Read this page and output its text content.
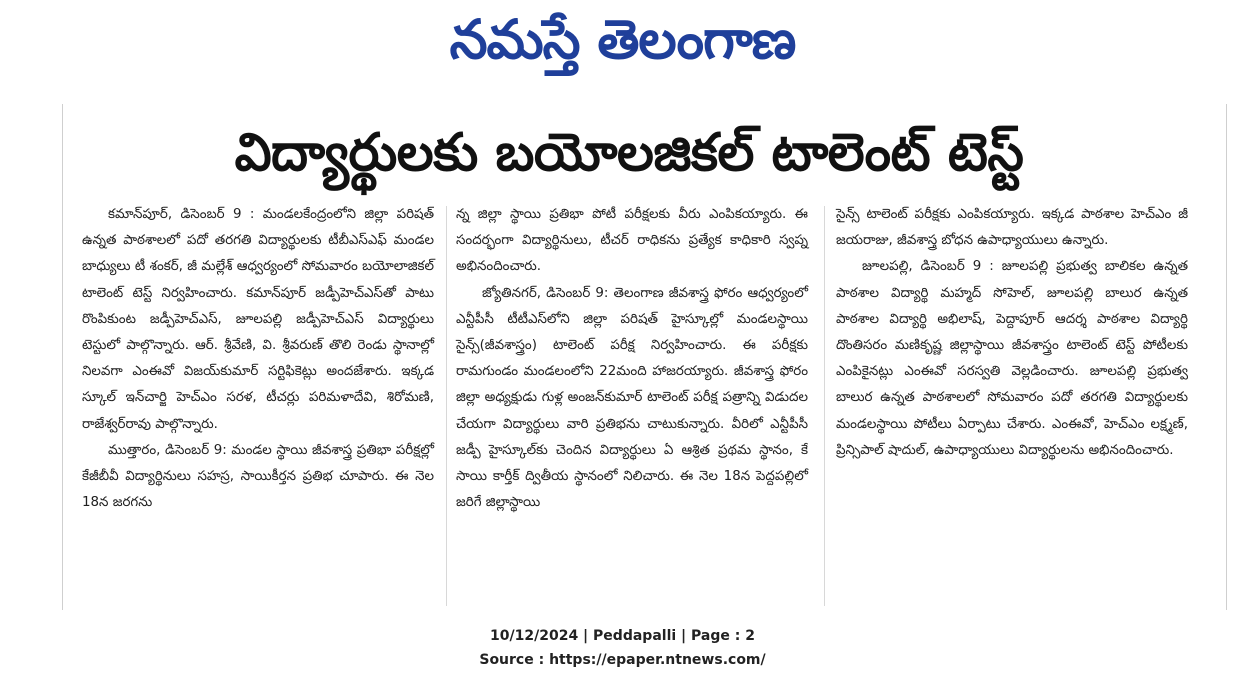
నమస్తే తెలంగాణ
విద్యార్థులకు బయోలజికల్ టాలెంట్ టెస్ట్

కమాన్‌పూర్, డిసెంబర్ 9 : మండలకేంద్రంలోని జిల్లా పరిషత్ ఉన్నత పాఠశాలలో పదో తరగతి విద్యార్థులకు టీబీఎస్‌ఎఫ్ మండల బాధ్యులు టీ శంకర్, జీ మల్లేశ్ ఆధ్వర్యంలో సోమవారం బయోలాజికల్ టాలెంట్ టెస్ట్ నిర్వహించారు. కమాన్‌పూర్ జడ్పీహెచ్ఎస్‌తో పాటు రొంపికుంట జడ్పీహెచ్ఎస్, జూలపల్లి జడ్పీహెచ్ఎస్ విద్యార్థులు టెస్టులో పాల్గొన్నారు. ఆర్. శ్రీవేణి, వి. శ్రీవరుణ్ తొలి రెండు స్థానాల్లో నిలవగా ఎంఈవో విజయ్‌కుమార్ సర్టిఫికెట్లు అందజేశారు. ఇక్కడ స్కూల్ ఇన్‌చార్జి హెచ్‌ఎం సరళ, టీచర్లు పరిమళాదేవి, శిరోమణి, రాజేశ్వర్‌రావు పాల్గొన్నారు.

ముత్తారం, డిసెంబర్ 9: మండల స్థాయి జీవశాస్త్ర ప్రతిభా పరీక్షల్లో కేజీబీవీ విద్యార్థినులు సహస్ర, సాయికీర్తన ప్రతిభ చూపారు. ఈ నెల 18న జరగను

న్న జిల్లా స్థాయి ప్రతిభా పోటీ పరీక్షలకు వీరు ఎంపికయ్యారు. ఈ సందర్భంగా విద్యార్థినులు, టీచర్ రాధికను ప్రత్యేక కాధికారి స్వప్న అభినందించారు.

జ్యోతినగర్, డిసెంబర్ 9: తెలంగాణ జీవశాస్త్ర ఫోరం ఆధ్వర్యంలో ఎన్టీపీసీ టీటీఎస్‌లోని జిల్లా పరిషత్ హైస్కూల్లో మండలస్థాయి సైన్స్(జీవశాస్త్రం) టాలెంట్ పరీక్ష నిర్వహించారు. ఈ పరీక్షకు రామగుండం మండలంలోని 22మంది హాజరయ్యారు. జీవశాస్త్ర ఫోరం జిల్లా అధ్యక్షుడు గుళ్ల అంజన్‌కుమార్ టాలెంట్ పరీక్ష పత్రాన్ని విడుదల చేయగా విద్యార్థులు వారి ప్రతిభను చాటుకున్నారు. వీరిలో ఎన్టీపీసీ జడ్పీ హైస్కూల్‌కు చెందిన విద్యార్థులు ఏ ఆశ్రిత ప్రథమ స్థానం, కే సాయి కార్తీక్ ద్వితీయ స్థానంలో నిలిచారు. ఈ నెల 18న పెద్దపల్లిలో జరిగే జిల్లాస్థాయి

సైన్స్ టాలెంట్ పరీక్షకు ఎంపికయ్యారు. ఇక్కడ పాఠశాల హెచ్‌ఎం జీ జయరాజు, జీవశాస్త్ర బోధన ఉపాధ్యాయులు ఉన్నారు.

జూలపల్లి, డిసెంబర్ 9 : జూలపల్లి ప్రభుత్వ బాలికల ఉన్నత పాఠశాల విద్యార్థి మహ్మద్ సోహెల్, జూలపల్లి బాలుర ఉన్నత పాఠశాల విద్యార్థి అభిలాష్, పెద్దాపూర్ ఆదర్శ పాఠశాల విద్యార్థి దొంతిసరం మణికృష్ణ జిల్లాస్థాయి జీవశాస్త్రం టాలెంట్ టెస్ట్ పోటీలకు ఎంపికైనట్లు ఎంఈవో సరస్వతి వెల్లడించారు. జూలపల్లి ప్రభుత్వ బాలుర ఉన్నత పాఠశాలలో సోమవారం పదో తరగతి విద్యార్థులకు మండలస్థాయి పోటీలు ఏర్పాటు చేశారు. ఎంఈవో, హెచ్‌ఎం లక్ష్మణ్, ప్రిన్సిపాల్ షాదుల్, ఉపాధ్యాయులు విద్యార్థులను అభినందించారు.

10/12/2024 | Peddapalli | Page : 2
Source : https://epaper.ntnews.com/
